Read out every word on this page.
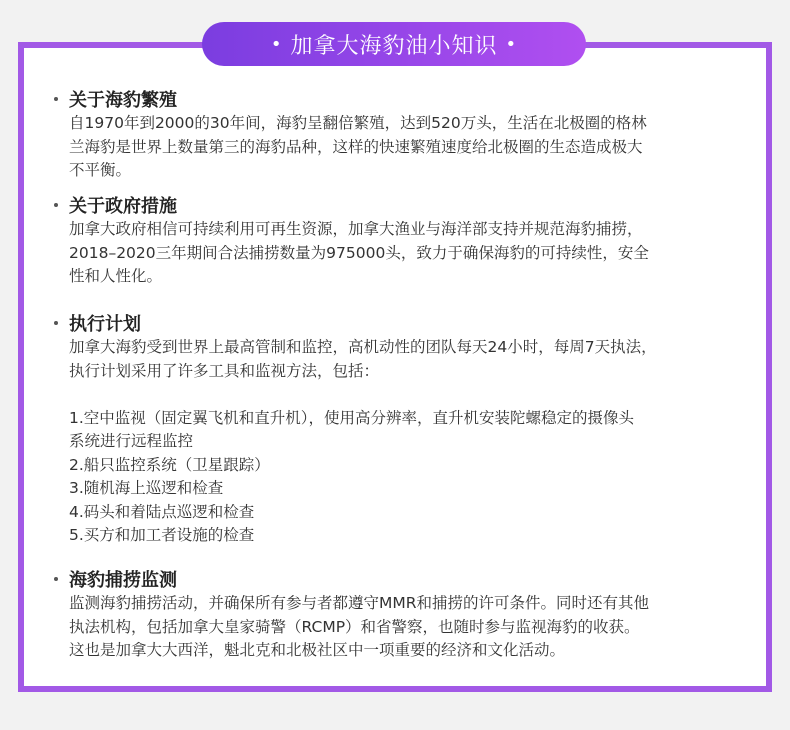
• 加拿大海豹油小知识 •
关于海豹繁殖
自1970年到2000的30年间，海豹呈翻倍繁殖，达到520万头，生活在北极圈的格林
兰海豹是世界上数量第三的海豹品种，这样的快速繁殖速度给北极圈的生态造成极大
不平衡。
关于政府措施
加拿大政府相信可持续利用可再生资源，加拿大渔业与海洋部支持并规范海豹捕捞，
2018–2020三年期间合法捕捞数量为975000头，致力于确保海豹的可持续性，安全
性和人性化。
执行计划
加拿大海豹受到世界上最高管制和监控，高机动性的团队每天24小时，每周7天执法，
执行计划采用了许多工具和监视方法，包括：

1.空中监视（固定翼飞机和直升机），使用高分辨率，直升机安装陀螺稳定的摄像头
系统进行远程监控
2.船只监控系统（卫星跟踪）
3.随机海上巡逻和检查
4.码头和着陆点巡逻和检查
5.买方和加工者设施的检查
海豹捕捞监测
监测海豹捕捞活动，并确保所有参与者都遵守MMR和捕捞的许可条件。同时还有其他
执法机构，包括加拿大皇家骑警（RCMP）和省警察，也随时参与监视海豹的收获。
这也是加拿大大西洋，魁北克和北极社区中一项重要的经济和文化活动。
